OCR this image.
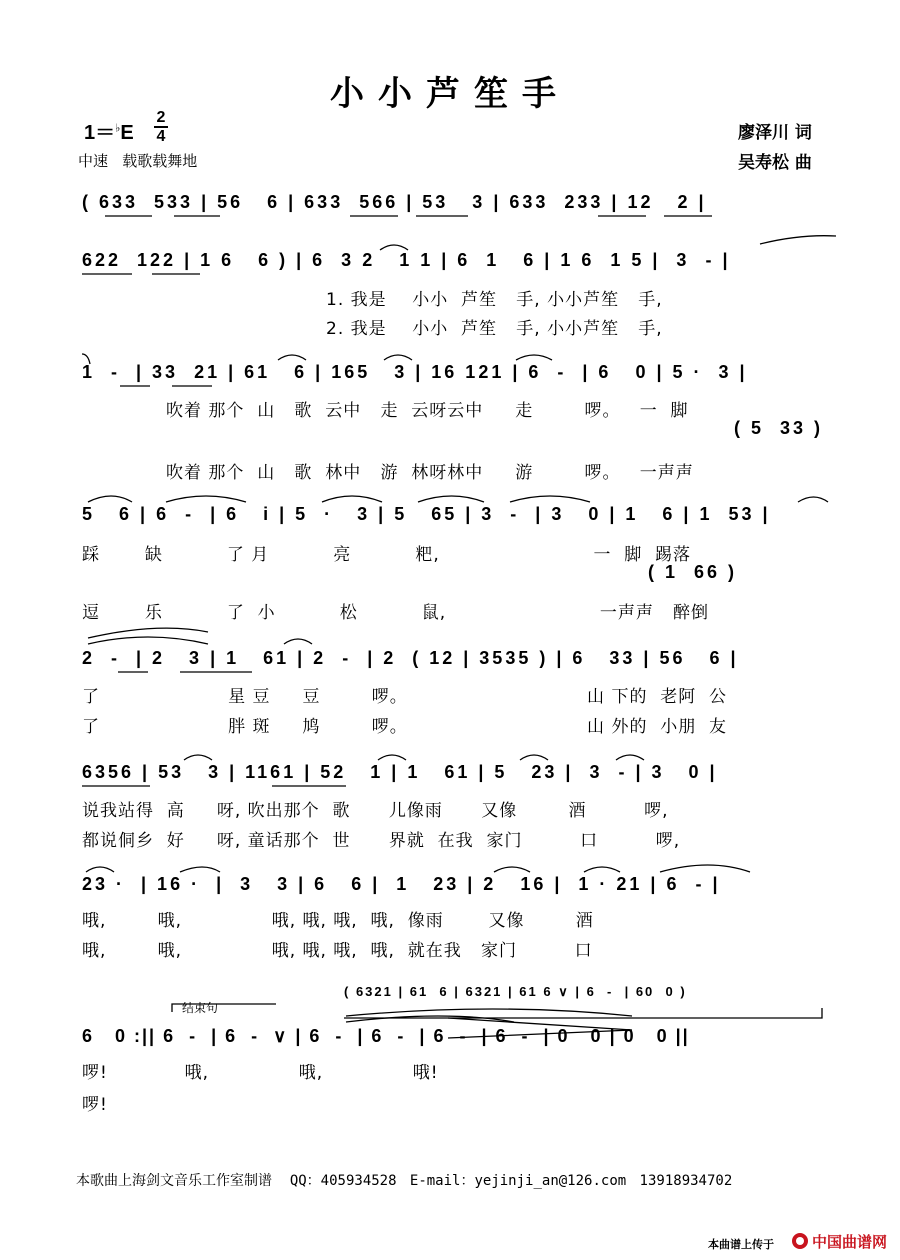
小小芦笙手
1＝♭E
2
4
中速   载歌载舞地
廖泽川 词
吴寿松 曲
( 633  533 | 56   6 | 633  566 | 53   3 | 633  233 | 12   2 |
622  122 | 1 6   6 ) | 6  3 2   1 1 | 6  1   6 | 1 6  1 5 |  3  - |
1. 我是    小小  芦笙   手, 小小芦笙   手,
2. 我是    小小  芦笙   手, 小小芦笙   手,
1  -  | 33  21 | 61   6 | 165   3 | 16 121 | 6  -  | 6   0 | 5 ·  3 |
吹着 那个  山   歌  云中   走  云呀云中     走        啰。   一  脚
( 5  33 )
吹着 那个  山   歌  林中   游  林呀林中     游        啰。   一声声
5   6 | 6  -  | 6   i | 5  ·   3 | 5   65 | 3  -  | 3   0 | 1   6 | 1  53 |
踩       缺          了 月          亮          粑,                        一  脚  踢落
( 1  66 )
逗       乐          了  小          松          鼠,                        一声声   醉倒
2  -  | 2   3 | 1   61 | 2  -  | 2  ( 12 | 3535 ) | 6   33 | 56   6 |
了                    星 豆     豆        啰。                            山 下的  老阿  公
了                    胖 斑     鸠        啰。                            山 外的  小朋  友
6356 | 53   3 | 1161 | 52   1 | 1   61 | 5   23 |  3  - | 3   0 |
说我站得  高     呀, 吹出那个  歌      儿像雨      又像        酒         啰,
都说侗乡  好     呀, 童话那个  世      界就  在我  家门         口         啰,
23 ·  | 16 ·  |  3   3 | 6   6 |  1   23 | 2   16 |  1 · 21 | 6  - |
哦,        哦,              哦, 哦, 哦,  哦,  像雨       又像        酒
哦,        哦,              哦, 哦, 哦,  哦,  就在我   家门         口
( 6321 | 61  6 | 6321 | 61 6 ∨ | 6  -  | 60  0 )
结束句
6   0 :|| 6  -  | 6  -  ∨ | 6  -  | 6  -  | 6  -  | 6  -  | 0   0 | 0   0 ||
啰!            哦,              哦,              哦!
啰!
本歌曲上海剑文音乐工作室制谱 QQ：405934528 E-mail：yejinji_an@126.com 13918934702
本曲谱上传于	中国曲谱网
